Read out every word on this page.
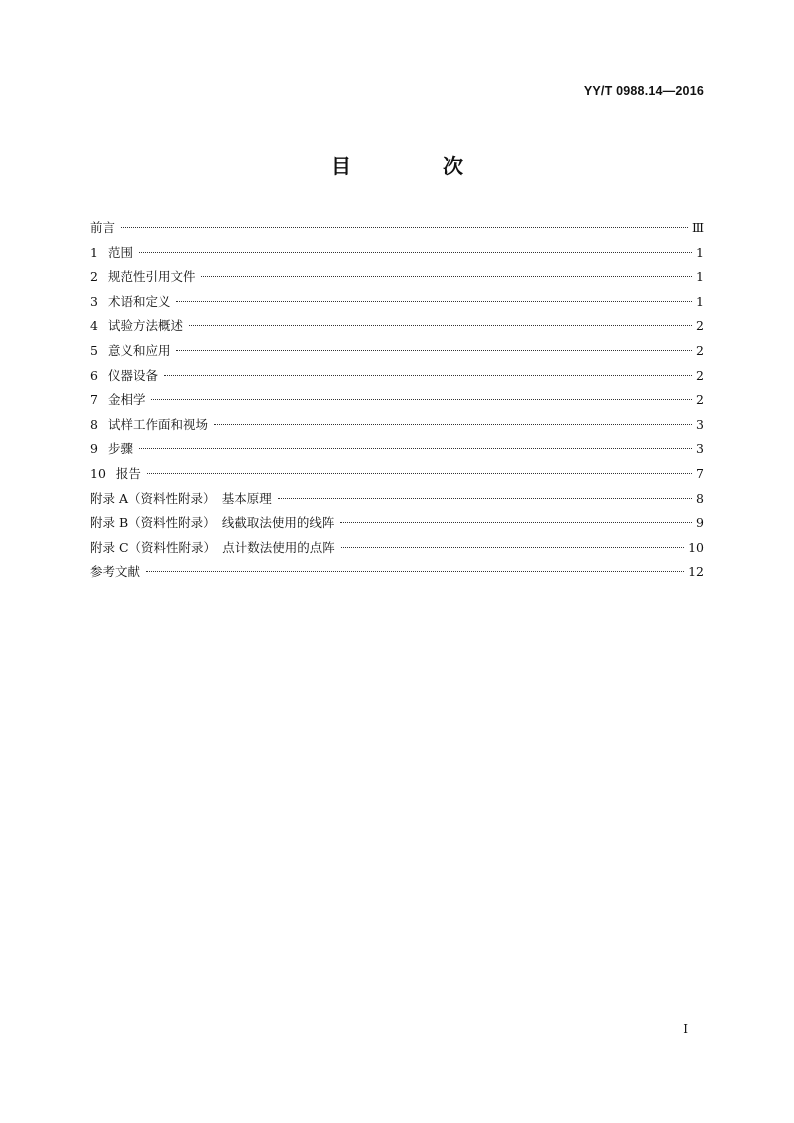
YY/T 0988.14—2016
目　次
前言	Ⅲ
1 范围	1
2 规范性引用文件	1
3 术语和定义	1
4 试验方法概述	2
5 意义和应用	2
6 仪器设备	2
7 金相学	2
8 试样工作面和视场	3
9 步骤	3
10 报告	7
附录 A（资料性附录）　基本原理	8
附录 B（资料性附录）　线截取法使用的线阵	9
附录 C（资料性附录）　点计数法使用的点阵	10
参考文献	12
I
